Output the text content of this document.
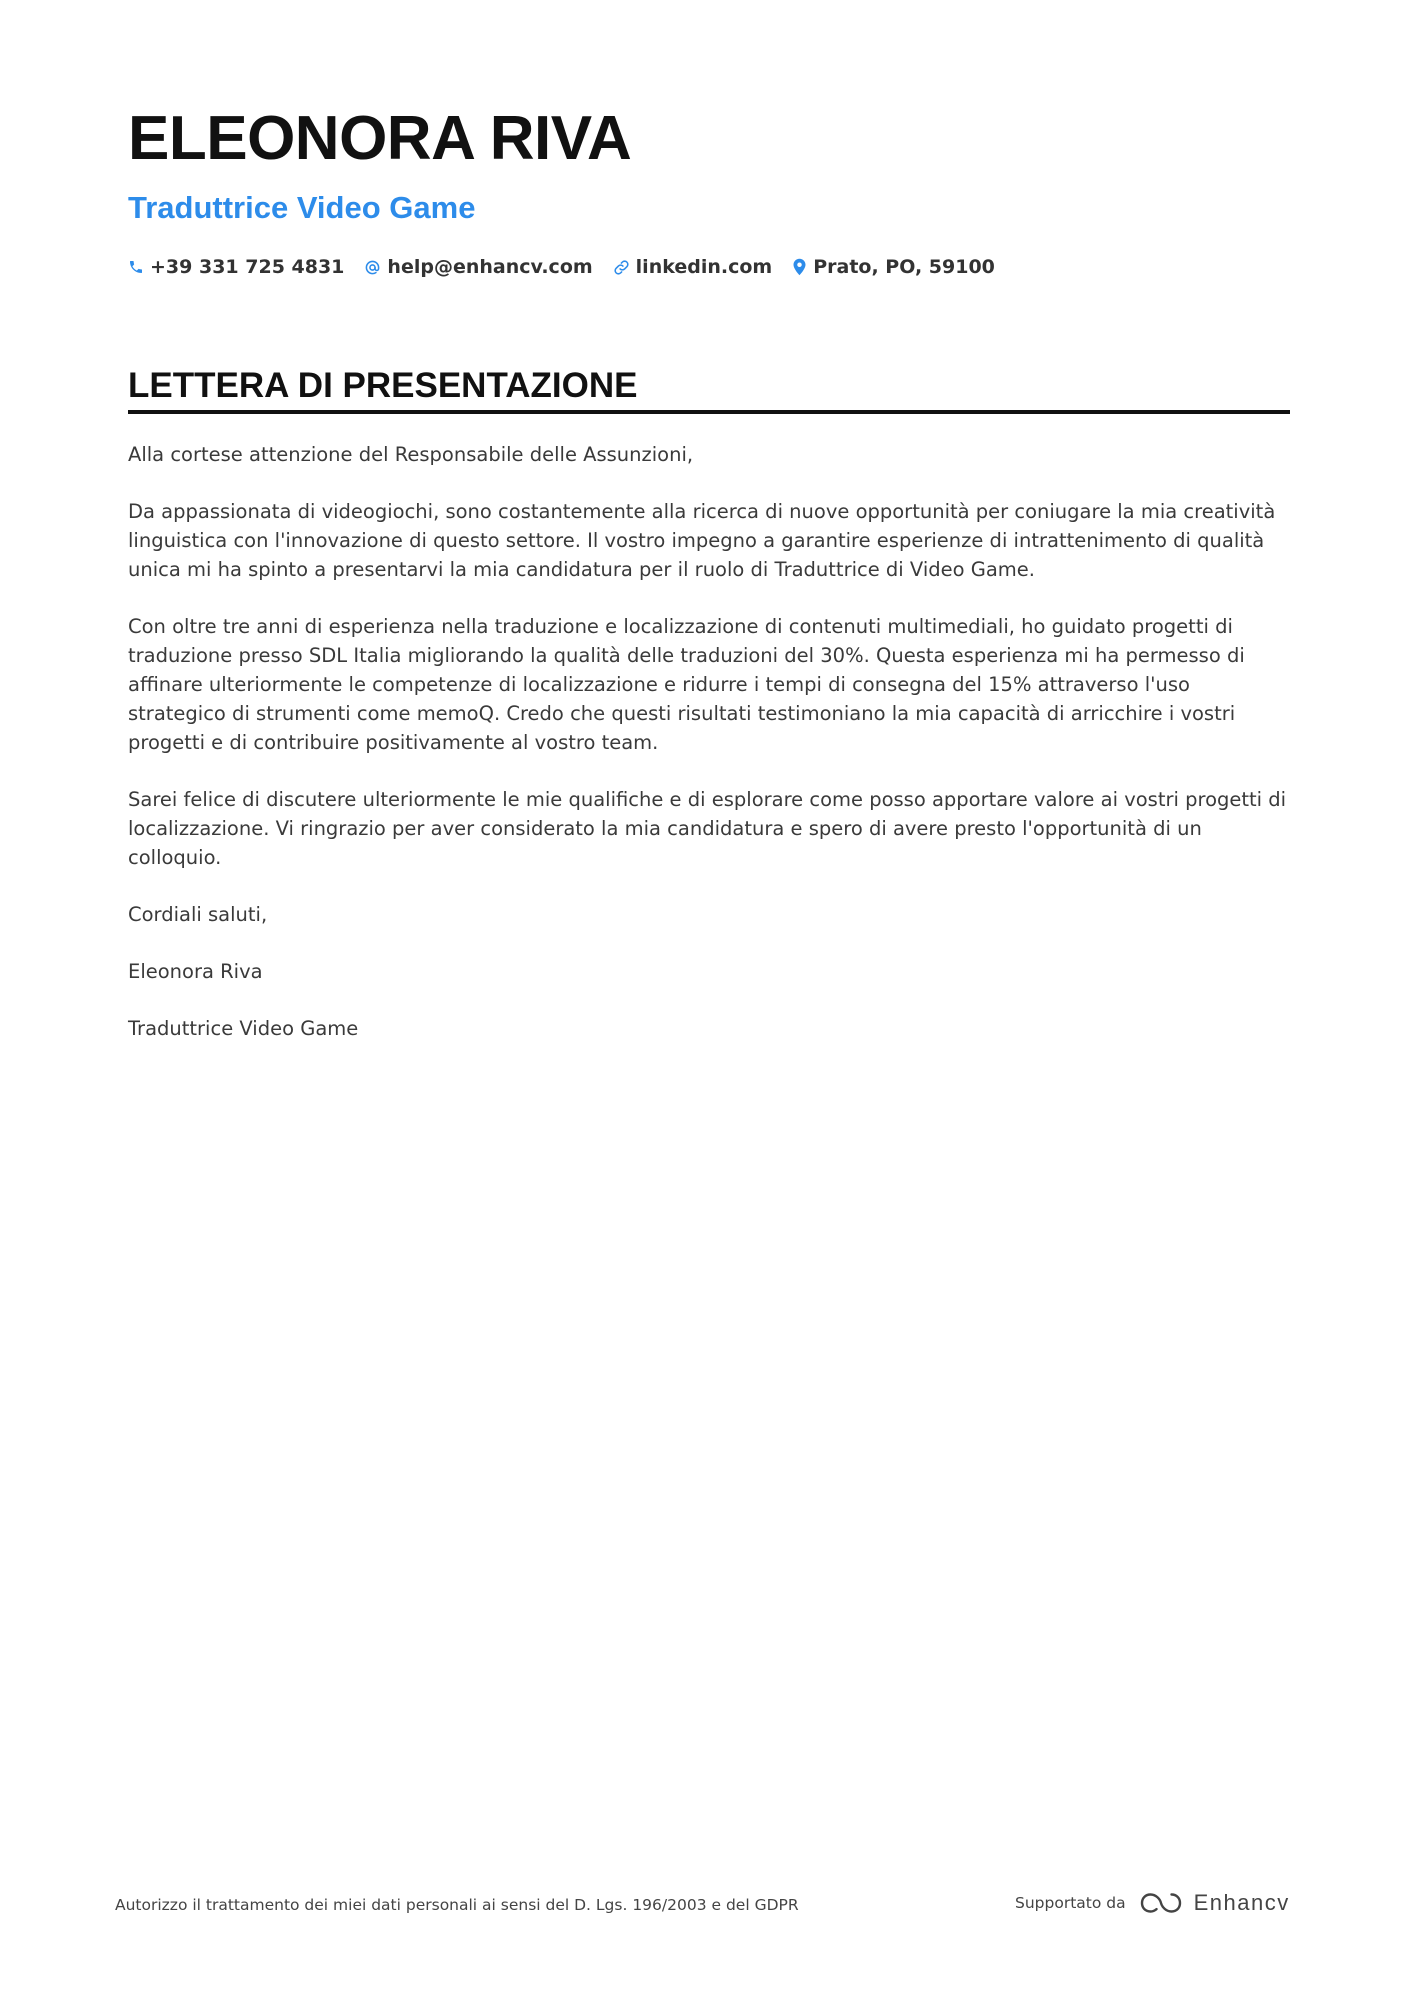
ELEONORA RIVA
Traduttrice Video Game
+39 331 725 4831 help@enhancv.com linkedin.com Prato, PO, 59100
LETTERA DI PRESENTAZIONE

Alla cortese attenzione del Responsabile delle Assunzioni,

Da appassionata di videogiochi, sono costantemente alla ricerca di nuove opportunità per coniugare la mia creatività linguistica con l'innovazione di questo settore. Il vostro impegno a garantire esperienze di intrattenimento di qualità unica mi ha spinto a presentarvi la mia candidatura per il ruolo di Traduttrice di Video Game.

Con oltre tre anni di esperienza nella traduzione e localizzazione di contenuti multimediali, ho guidato progetti di traduzione presso SDL Italia migliorando la qualità delle traduzioni del 30%. Questa esperienza mi ha permesso di affinare ulteriormente le competenze di localizzazione e ridurre i tempi di consegna del 15% attraverso l'uso strategico di strumenti come memoQ. Credo che questi risultati testimoniano la mia capacità di arricchire i vostri progetti e di contribuire positivamente al vostro team.

Sarei felice di discutere ulteriormente le mie qualifiche e di esplorare come posso apportare valore ai vostri progetti di localizzazione. Vi ringrazio per aver considerato la mia candidatura e spero di avere presto l'opportunità di un colloquio.

Cordiali saluti,

Eleonora Riva

Traduttrice Video Game

Autorizzo il trattamento dei miei dati personali ai sensi del D. Lgs. 196/2003 e del GDPR	Supportato da	Enhancv
